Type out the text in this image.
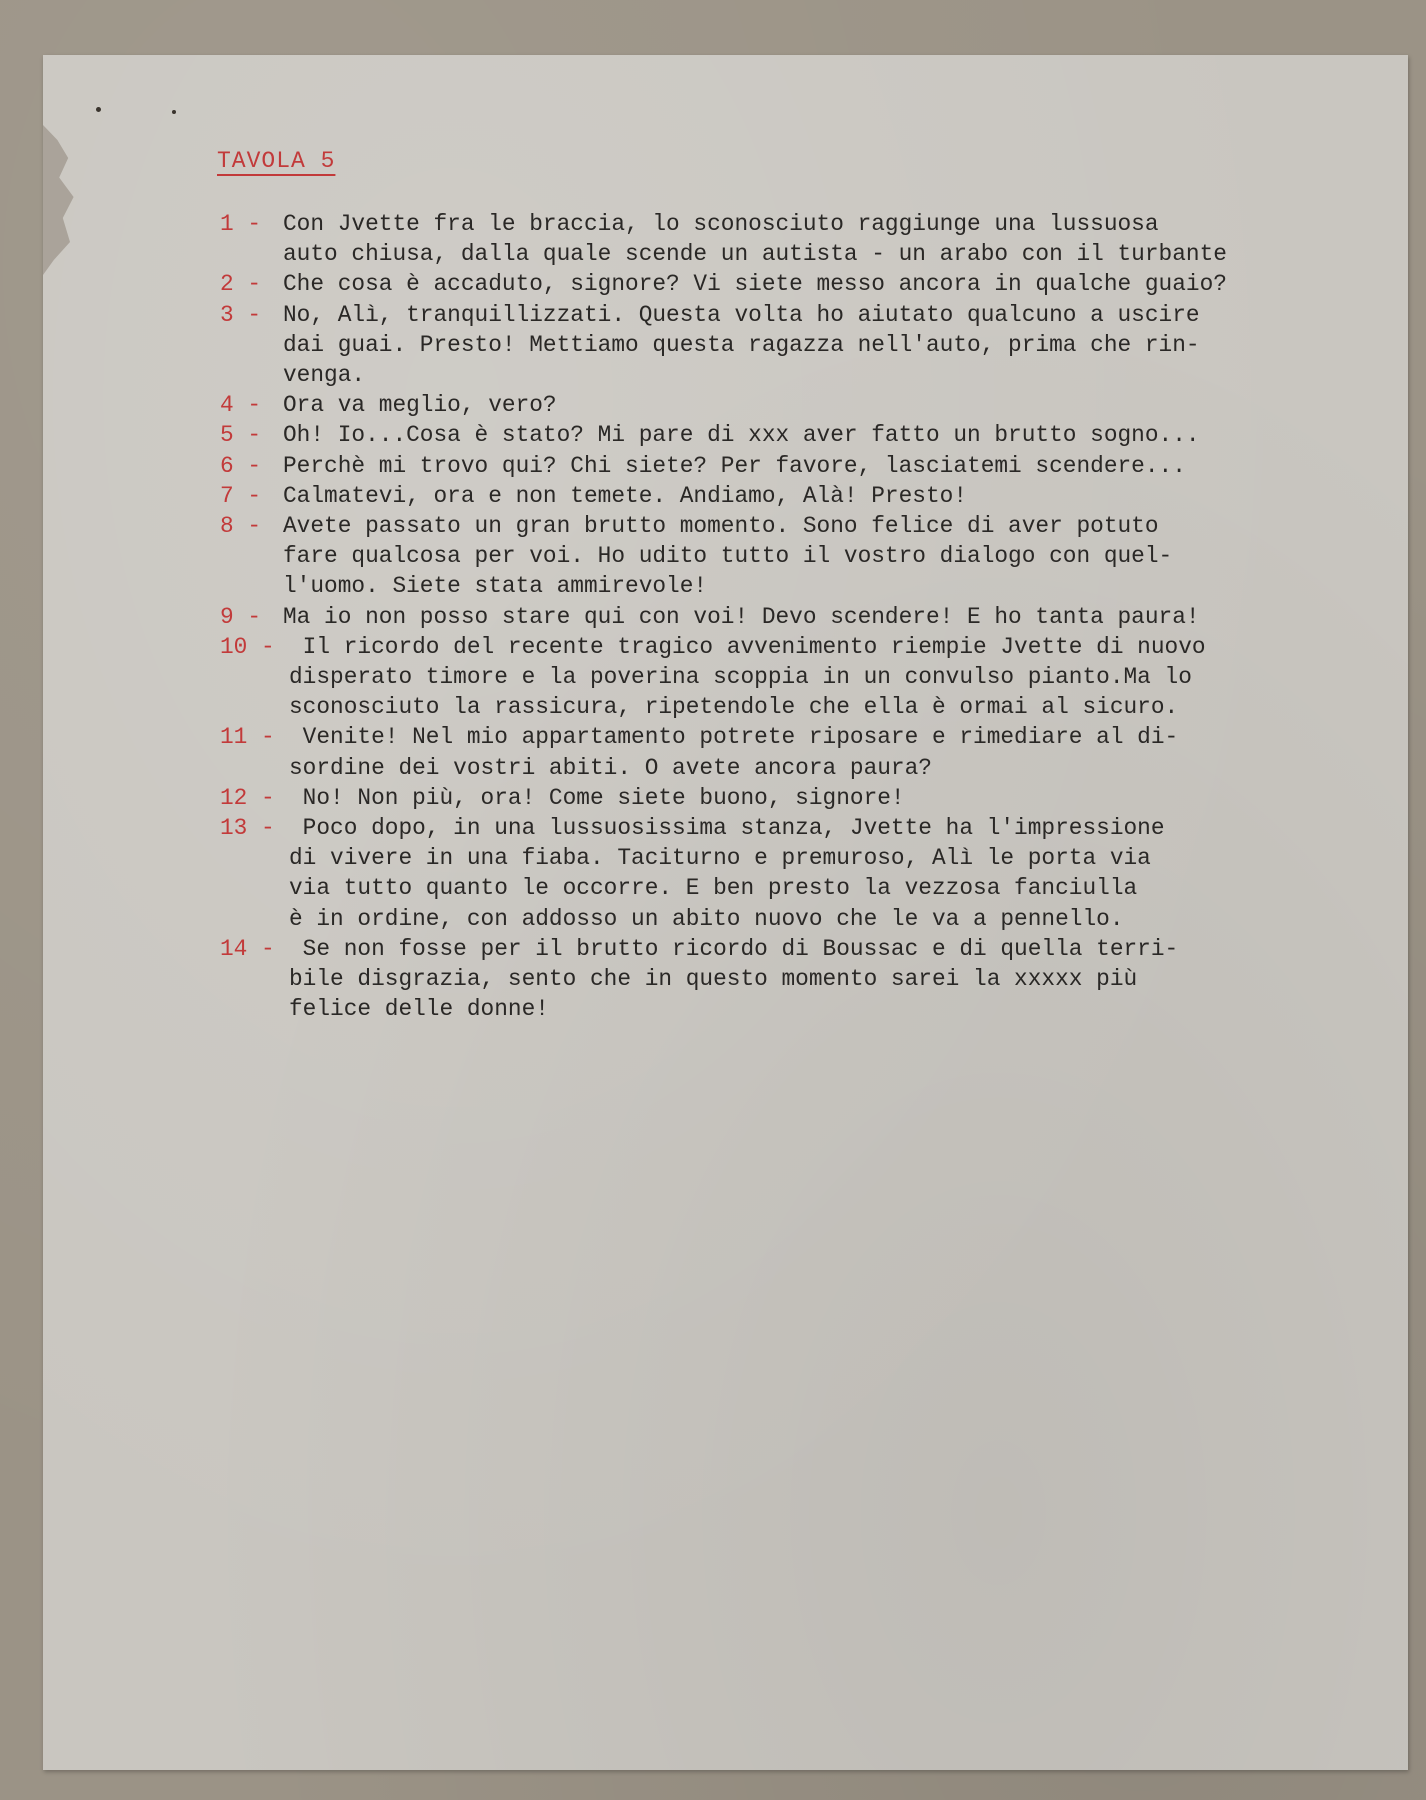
TAVOLA 5
1 - Con Jvette fra le braccia, lo sconosciuto raggiunge una lussuosa
auto chiusa, dalla quale scende un autista - un arabo con il turbante
2 - Che cosa è accaduto, signore? Vi siete messo ancora in qualche guaio?
3 - No, Alì, tranquillizzati. Questa volta ho aiutato qualcuno a uscire
dai guai. Presto! Mettiamo questa ragazza nell'auto, prima che rin-
venga.
4 - Ora va meglio, vero?
5 - Oh! Io...Cosa è stato? Mi pare di xxx aver fatto un brutto sogno...
6 - Perchè mi trovo qui? Chi siete? Per favore, lasciatemi scendere...
7 - Calmatevi, ora e non temete. Andiamo, Alà! Presto!
8 - Avete passato un gran brutto momento. Sono felice di aver potuto
fare qualcosa per voi. Ho udito tutto il vostro dialogo con quel-
l'uomo. Siete stata ammirevole!
9 - Ma io non posso stare qui con voi! Devo scendere! E ho tanta paura!
10 - Il ricordo del recente tragico avvenimento riempie Jvette di nuovo
disperato timore e la poverina scoppia in un convulso pianto.Ma lo
sconosciuto la rassicura, ripetendole che ella è ormai al sicuro.
11 - Venite! Nel mio appartamento potrete riposare e rimediare al di-
sordine dei vostri abiti. O avete ancora paura?
12 - No! Non più, ora! Come siete buono, signore!
13 - Poco dopo, in una lussuosissima stanza, Jvette ha l'impressione
di vivere in una fiaba. Taciturno e premuroso, Alì le porta via
via tutto quanto le occorre. E ben presto la vezzosa fanciulla
è in ordine, con addosso un abito nuovo che le va a pennello.
14 - Se non fosse per il brutto ricordo di Boussac e di quella terri-
bile disgrazia, sento che in questo momento sarei la xxxxx più
felice delle donne!
